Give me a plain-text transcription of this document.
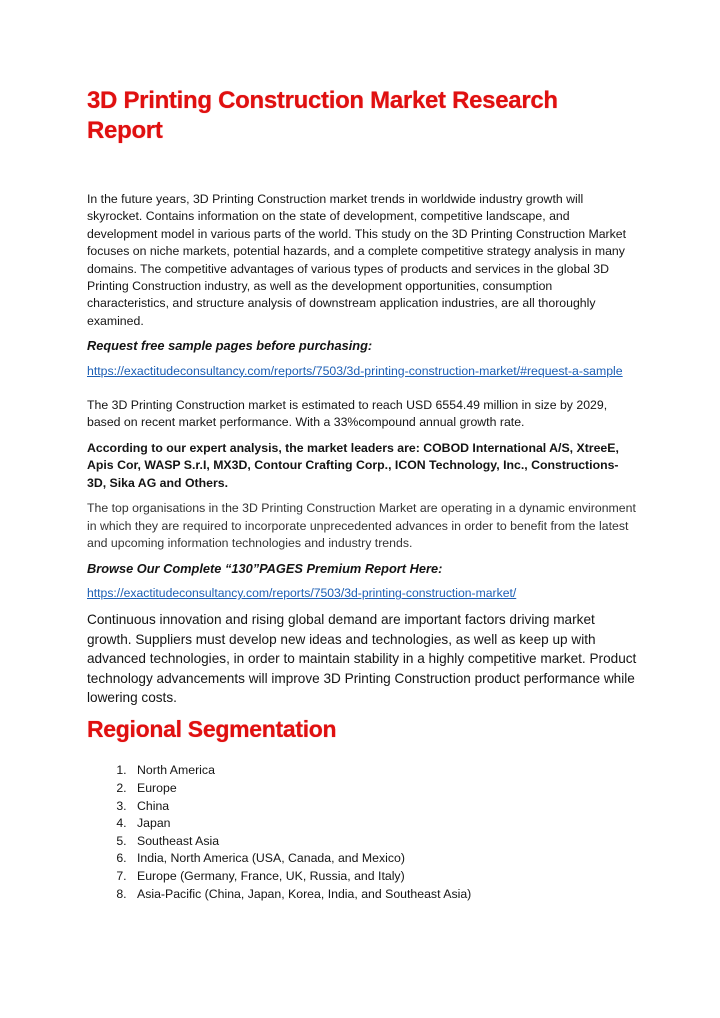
3D Printing Construction Market Research Report

In the future years, 3D Printing Construction market trends in worldwide industry growth will skyrocket. Contains information on the state of development, competitive landscape, and development model in various parts of the world. This study on the 3D Printing Construction Market focuses on niche markets, potential hazards, and a complete competitive strategy analysis in many domains. The competitive advantages of various types of products and services in the global 3D Printing Construction industry, as well as the development opportunities, consumption characteristics, and structure analysis of downstream application industries, are all thoroughly examined.

Request free sample pages before purchasing:

https://exactitudeconsultancy.com/reports/7503/3d-printing-construction-market/#request-a-sample

The 3D Printing Construction market is estimated to reach USD 6554.49 million in size by 2029, based on recent market performance. With a 33%compound annual growth rate.

According to our expert analysis, the market leaders are: COBOD International A/S, XtreeE, Apis Cor, WASP S.r.I, MX3D, Contour Crafting Corp., ICON Technology, Inc., Constructions-3D, Sika AG and Others.

The top organisations in the 3D Printing Construction Market are operating in a dynamic environment in which they are required to incorporate unprecedented advances in order to benefit from the latest and upcoming information technologies and industry trends.

Browse Our Complete “130”PAGES Premium Report Here:

https://exactitudeconsultancy.com/reports/7503/3d-printing-construction-market/

Continuous innovation and rising global demand are important factors driving market growth. Suppliers must develop new ideas and technologies, as well as keep up with advanced technologies, in order to maintain stability in a highly competitive market. Product technology advancements will improve 3D Printing Construction product performance while lowering costs.

Regional Segmentation
1. North America
2. Europe
3. China
4. Japan
5. Southeast Asia
6. India, North America (USA, Canada, and Mexico)
7. Europe (Germany, France, UK, Russia, and Italy)
8. Asia-Pacific (China, Japan, Korea, India, and Southeast Asia)
